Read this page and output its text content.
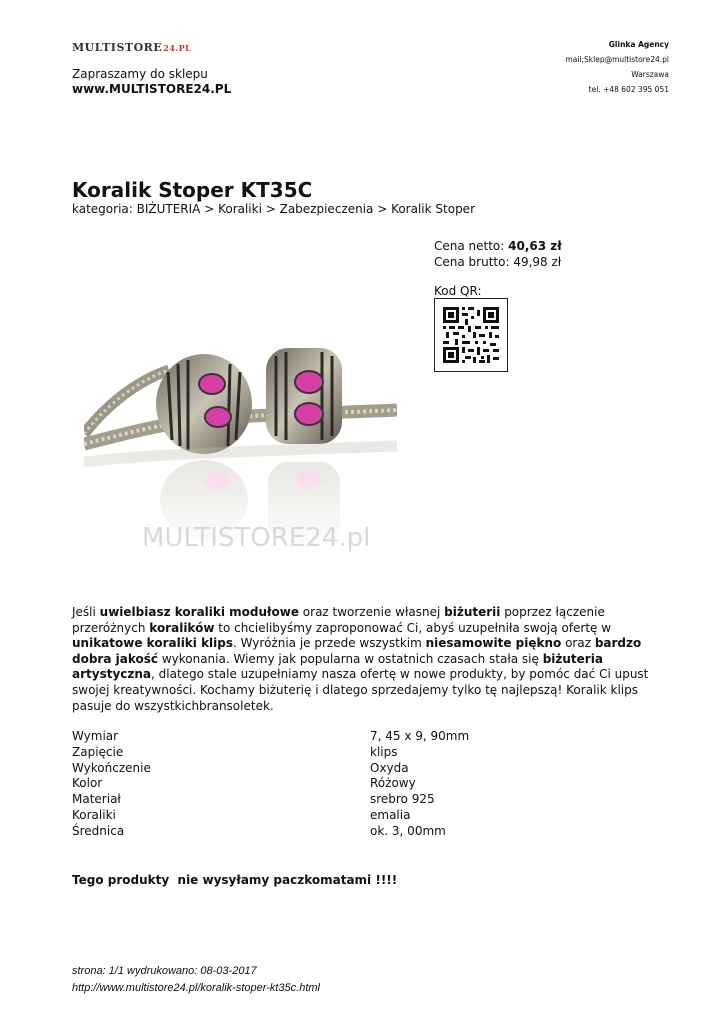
MULTISTORE24.PL
Zapraszamy do sklepu
www.MULTISTORE24.PL
Glinka Agency
mail;Sklep@multistore24.pl
Warszawa
tel. +48 602 395 051
Koralik Stoper KT35C
kategoria: BIŻUTERIA > Koraliki > Zabezpieczenia > Koralik Stoper
Cena netto: 40,63 zł
Cena brutto: 49,98 zł
Kod QR:
MULTISTORE24.pl
Jeśli uwielbiasz koraliki modułowe oraz tworzenie własnej biżuterii poprzez łączenie przeróżnych koralików to chcielibyśmy zaproponować Ci, abyś uzupełniła swoją ofertę w unikatowe koraliki klips. Wyróżnia je przede wszystkim niesamowite piękno oraz bardzo dobra jakość wykonania. Wiemy jak popularna w ostatnich czasach stała się biżuteria artystyczna, dlatego stale uzupełniamy nasza ofertę w nowe produkty, by pomóc dać Ci upust swojej kreatywności. Kochamy biżuterię i dlatego sprzedajemy tylko tę najlepszą! Koralik klips pasuje do wszystkichbransoletek.
Wymiar	7, 45 x 9, 90mm
Zapięcie	klips
Wykończenie	Oxyda
Kolor	Różowy
Materiał	srebro 925
Koraliki	emalia
Średnica	ok. 3, 00mm
Tego produkty  nie wysyłamy paczkomatami !!!!
strona: 1/1 wydrukowano: 08-03-2017
http://www.multistore24.pl/koralik-stoper-kt35c.html
